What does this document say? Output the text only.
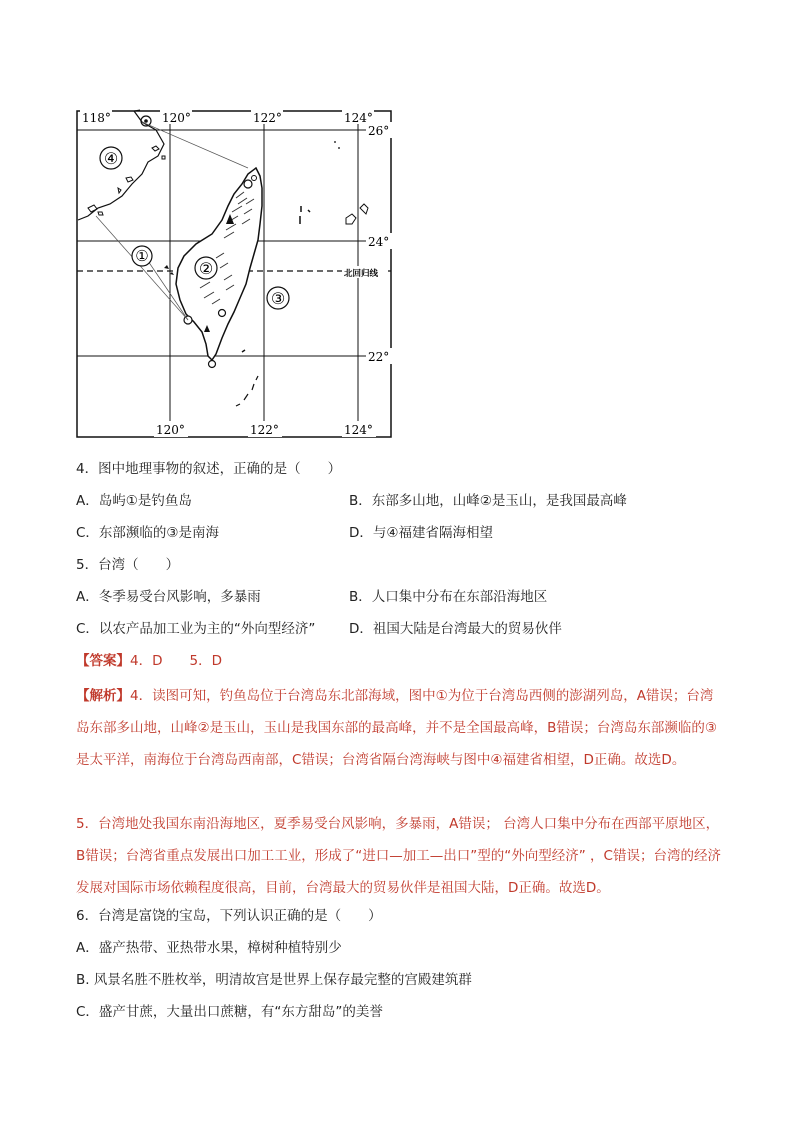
118°	120°	122°	124°
26°
24°
22°
120°	122°	124°
北回归线
①
②
③
④
4．图中地理事物的叙述，正确的是（　　）
A．岛屿①是钓鱼岛	B．东部多山地，山峰②是玉山，是我国最高峰
C．东部濒临的③是南海	D．与④福建省隔海相望
5．台湾（　　）
A．冬季易受台风影响，多暴雨	B．人口集中分布在东部沿海地区
C．以农产品加工业为主的“外向型经济” D．祖国大陆是台湾最大的贸易伙伴
【答案】4．D　　5．D
【解析】4．读图可知，钓鱼岛位于台湾岛东北部海域，图中①为位于台湾岛西侧的澎湖列岛，A错误；台湾岛东部多山地，山峰②是玉山，玉山是我国东部的最高峰，并不是全国最高峰，B错误；台湾岛东部濒临的③是太平洋，南海位于台湾岛西南部，C错误；台湾省隔台湾海峡与图中④福建省相望，D正确。故选D。
5．台湾地处我国东南沿海地区，夏季易受台风影响，多暴雨，A错误； 台湾人口集中分布在西部平原地区，B错误；台湾省重点发展出口加工工业，形成了“进口—加工—出口”型的“外向型经济” ，C错误；台湾的经济发展对国际市场依赖程度很高，目前，台湾最大的贸易伙伴是祖国大陆，D正确。故选D。
6．台湾是富饶的宝岛，下列认识正确的是（　　）
A．盛产热带、亚热带水果，樟树种植特别少
B. 风景名胜不胜枚举，明清故宫是世界上保存最完整的宫殿建筑群
C．盛产甘蔗，大量出口蔗糖，有“东方甜岛”的美誉
